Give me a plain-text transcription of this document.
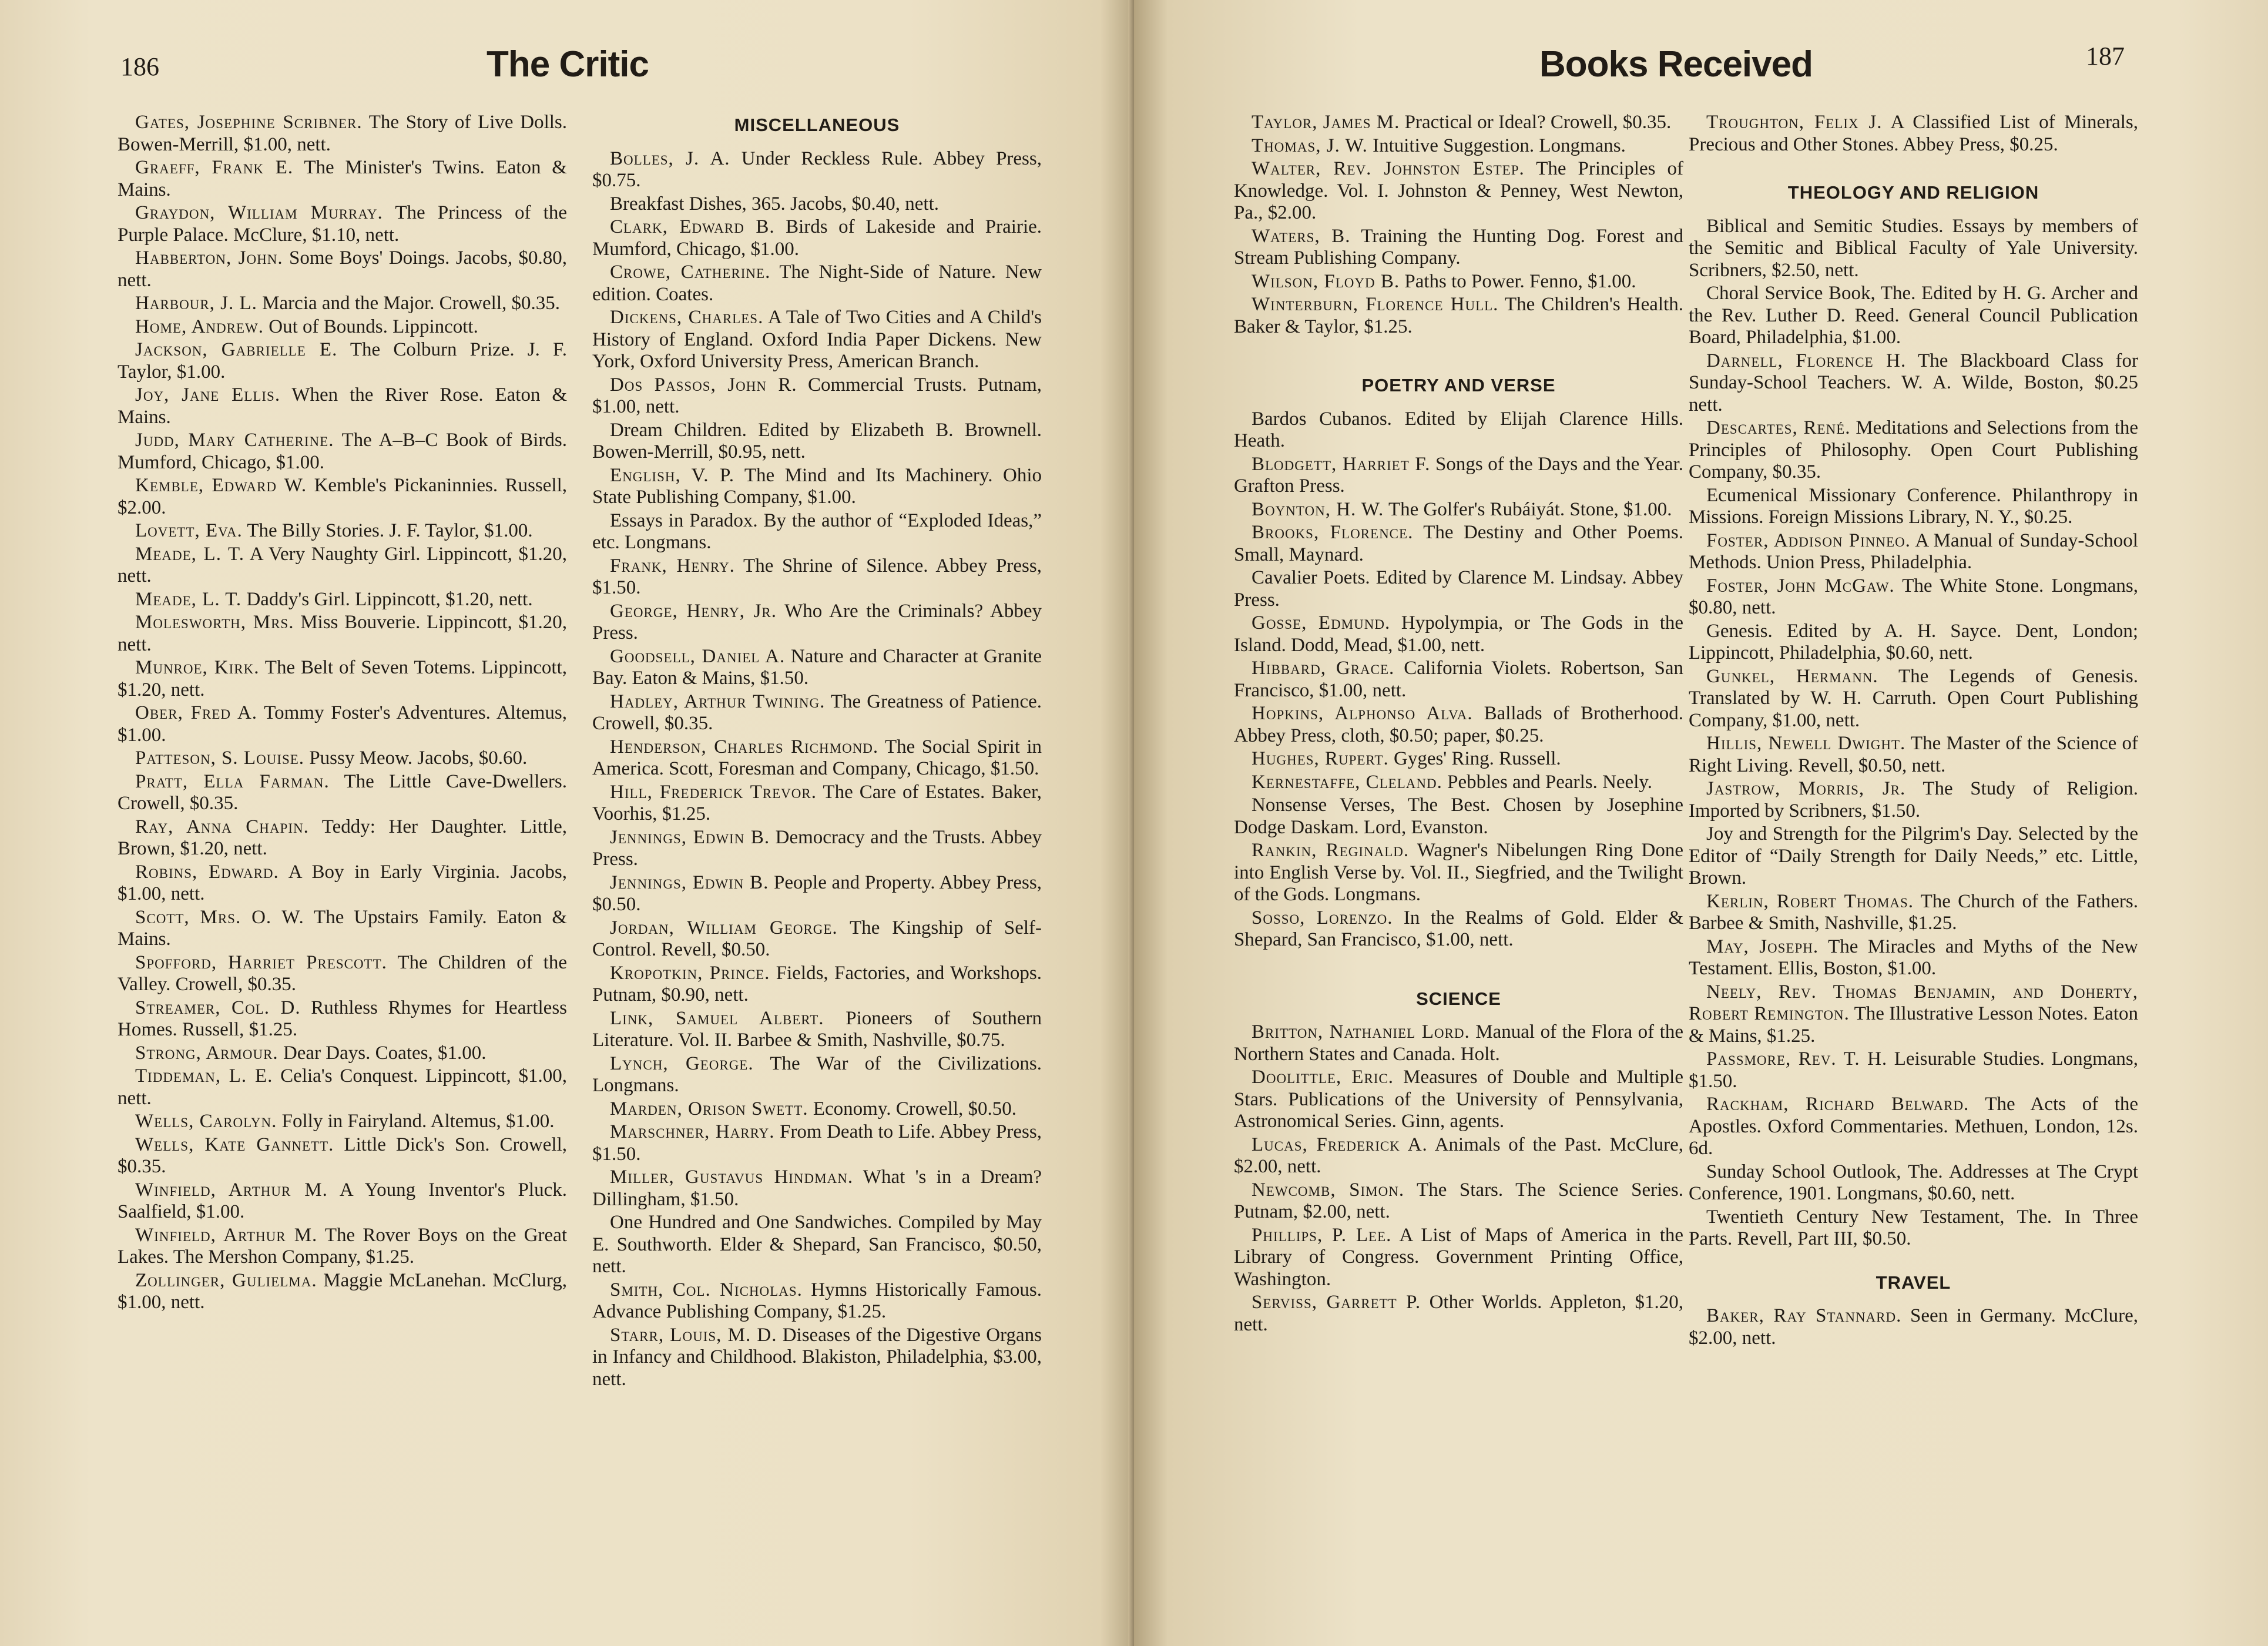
186	The Critic

Gates, Josephine Scribner. The Story of Live Dolls. Bowen-Merrill, $1.00, nett.

Graeff, Frank E. The Minister's Twins. Eaton & Mains.

Graydon, William Murray. The Princess of the Purple Palace. McClure, $1.10, nett.

Habberton, John. Some Boys' Doings. Jacobs, $0.80, nett.

Harbour, J. L. Marcia and the Major. Crowell, $0.35.

Home, Andrew. Out of Bounds. Lippincott.

Jackson, Gabrielle E. The Colburn Prize. J. F. Taylor, $1.00.

Joy, Jane Ellis. When the River Rose. Eaton & Mains.

Judd, Mary Catherine. The A–B–C Book of Birds. Mumford, Chicago, $1.00.

Kemble, Edward W. Kemble's Pickaninnies. Russell, $2.00.

Lovett, Eva. The Billy Stories. J. F. Taylor, $1.00.

Meade, L. T. A Very Naughty Girl. Lippincott, $1.20, nett.

Meade, L. T. Daddy's Girl. Lippincott, $1.20, nett.

Molesworth, Mrs. Miss Bouverie. Lippincott, $1.20, nett.

Munroe, Kirk. The Belt of Seven Totems. Lippincott, $1.20, nett.

Ober, Fred A. Tommy Foster's Adventures. Altemus, $1.00.

Patteson, S. Louise. Pussy Meow. Jacobs, $0.60.

Pratt, Ella Farman. The Little Cave-Dwellers. Crowell, $0.35.

Ray, Anna Chapin. Teddy: Her Daughter. Little, Brown, $1.20, nett.

Robins, Edward. A Boy in Early Virginia. Jacobs, $1.00, nett.

Scott, Mrs. O. W. The Upstairs Family. Eaton & Mains.

Spofford, Harriet Prescott. The Children of the Valley. Crowell, $0.35.

Streamer, Col. D. Ruthless Rhymes for Heartless Homes. Russell, $1.25.

Strong, Armour. Dear Days. Coates, $1.00.

Tiddeman, L. E. Celia's Conquest. Lippincott, $1.00, nett.

Wells, Carolyn. Folly in Fairyland. Altemus, $1.00.

Wells, Kate Gannett. Little Dick's Son. Crowell, $0.35.

Winfield, Arthur M. A Young Inventor's Pluck. Saalfield, $1.00.

Winfield, Arthur M. The Rover Boys on the Great Lakes. The Mershon Company, $1.25.

Zollinger, Gulielma. Maggie McLanehan. McClurg, $1.00, nett.

MISCELLANEOUS

Bolles, J. A. Under Reckless Rule. Abbey Press, $0.75.

Breakfast Dishes, 365. Jacobs, $0.40, nett.

Clark, Edward B. Birds of Lakeside and Prairie. Mumford, Chicago, $1.00.

Crowe, Catherine. The Night-Side of Nature. New edition. Coates.

Dickens, Charles. A Tale of Two Cities and A Child's History of England. Oxford India Paper Dickens. New York, Oxford University Press, American Branch.

Dos Passos, John R. Commercial Trusts. Putnam, $1.00, nett.

Dream Children. Edited by Elizabeth B. Brownell. Bowen-Merrill, $0.95, nett.

English, V. P. The Mind and Its Machinery. Ohio State Publishing Company, $1.00.

Essays in Paradox. By the author of “Exploded Ideas,” etc. Longmans.

Frank, Henry. The Shrine of Silence. Abbey Press, $1.50.

George, Henry, Jr. Who Are the Criminals? Abbey Press.

Goodsell, Daniel A. Nature and Character at Granite Bay. Eaton & Mains, $1.50.

Hadley, Arthur Twining. The Greatness of Patience. Crowell, $0.35.

Henderson, Charles Richmond. The Social Spirit in America. Scott, Foresman and Company, Chicago, $1.50.

Hill, Frederick Trevor. The Care of Estates. Baker, Voorhis, $1.25.

Jennings, Edwin B. Democracy and the Trusts. Abbey Press.

Jennings, Edwin B. People and Property. Abbey Press, $0.50.

Jordan, William George. The Kingship of Self-Control. Revell, $0.50.

Kropotkin, Prince. Fields, Factories, and Workshops. Putnam, $0.90, nett.

Link, Samuel Albert. Pioneers of Southern Literature. Vol. II. Barbee & Smith, Nashville, $0.75.

Lynch, George. The War of the Civilizations. Longmans.

Marden, Orison Swett. Economy. Crowell, $0.50.

Marschner, Harry. From Death to Life. Abbey Press, $1.50.

Miller, Gustavus Hindman. What 's in a Dream? Dillingham, $1.50.

One Hundred and One Sandwiches. Compiled by May E. Southworth. Elder & Shepard, San Francisco, $0.50, nett.

Smith, Col. Nicholas. Hymns Historically Famous. Advance Publishing Company, $1.25.

Starr, Louis, M. D. Diseases of the Digestive Organs in Infancy and Childhood. Blakiston, Philadelphia, $3.00, nett.

Books Received	187

Taylor, James M. Practical or Ideal? Crowell, $0.35.

Thomas, J. W. Intuitive Suggestion. Longmans.

Walter, Rev. Johnston Estep. The Principles of Knowledge. Vol. I. Johnston & Penney, West Newton, Pa., $2.00.

Waters, B. Training the Hunting Dog. Forest and Stream Publishing Company.

Wilson, Floyd B. Paths to Power. Fenno, $1.00.

Winterburn, Florence Hull. The Children's Health. Baker & Taylor, $1.25.

POETRY AND VERSE

Bardos Cubanos. Edited by Elijah Clarence Hills. Heath.

Blodgett, Harriet F. Songs of the Days and the Year. Grafton Press.

Boynton, H. W. The Golfer's Rubáiyát. Stone, $1.00.

Brooks, Florence. The Destiny and Other Poems. Small, Maynard.

Cavalier Poets. Edited by Clarence M. Lindsay. Abbey Press.

Gosse, Edmund. Hypolympia, or The Gods in the Island. Dodd, Mead, $1.00, nett.

Hibbard, Grace. California Violets. Robertson, San Francisco, $1.00, nett.

Hopkins, Alphonso Alva. Ballads of Brotherhood. Abbey Press, cloth, $0.50; paper, $0.25.

Hughes, Rupert. Gyges' Ring. Russell.

Kernestaffe, Cleland. Pebbles and Pearls. Neely.

Nonsense Verses, The Best. Chosen by Josephine Dodge Daskam. Lord, Evanston.

Rankin, Reginald. Wagner's Nibelungen Ring Done into English Verse by. Vol. II., Siegfried, and the Twilight of the Gods. Longmans.

Sosso, Lorenzo. In the Realms of Gold. Elder & Shepard, San Francisco, $1.00, nett.

SCIENCE

Britton, Nathaniel Lord. Manual of the Flora of the Northern States and Canada. Holt.

Doolittle, Eric. Measures of Double and Multiple Stars. Publications of the University of Pennsylvania, Astronomical Series. Ginn, agents.

Lucas, Frederick A. Animals of the Past. McClure, $2.00, nett.

Newcomb, Simon. The Stars. The Science Series. Putnam, $2.00, nett.

Phillips, P. Lee. A List of Maps of America in the Library of Congress. Government Printing Office, Washington.

Serviss, Garrett P. Other Worlds. Appleton, $1.20, nett.

Troughton, Felix J. A Classified List of Minerals, Precious and Other Stones. Abbey Press, $0.25.

THEOLOGY AND RELIGION

Biblical and Semitic Studies. Essays by members of the Semitic and Biblical Faculty of Yale University. Scribners, $2.50, nett.

Choral Service Book, The. Edited by H. G. Archer and the Rev. Luther D. Reed. General Council Publication Board, Philadelphia, $1.00.

Darnell, Florence H. The Blackboard Class for Sunday-School Teachers. W. A. Wilde, Boston, $0.25 nett.

Descartes, René. Meditations and Selections from the Principles of Philosophy. Open Court Publishing Company, $0.35.

Ecumenical Missionary Conference. Philanthropy in Missions. Foreign Missions Library, N. Y., $0.25.

Foster, Addison Pinneo. A Manual of Sunday-School Methods. Union Press, Philadelphia.

Foster, John McGaw. The White Stone. Longmans, $0.80, nett.

Genesis. Edited by A. H. Sayce. Dent, London; Lippincott, Philadelphia, $0.60, nett.

Gunkel, Hermann. The Legends of Genesis. Translated by W. H. Carruth. Open Court Publishing Company, $1.00, nett.

Hillis, Newell Dwight. The Master of the Science of Right Living. Revell, $0.50, nett.

Jastrow, Morris, Jr. The Study of Religion. Imported by Scribners, $1.50.

Joy and Strength for the Pilgrim's Day. Selected by the Editor of “Daily Strength for Daily Needs,” etc. Little, Brown.

Kerlin, Robert Thomas. The Church of the Fathers. Barbee & Smith, Nashville, $1.25.

May, Joseph. The Miracles and Myths of the New Testament. Ellis, Boston, $1.00.

Neely, Rev. Thomas Benjamin, and Doherty, Robert Remington. The Illustrative Lesson Notes. Eaton & Mains, $1.25.

Passmore, Rev. T. H. Leisurable Studies. Longmans, $1.50.

Rackham, Richard Belward. The Acts of the Apostles. Oxford Commentaries. Methuen, London, 12s. 6d.

Sunday School Outlook, The. Addresses at The Crypt Conference, 1901. Longmans, $0.60, nett.

Twentieth Century New Testament, The. In Three Parts. Revell, Part III, $0.50.

TRAVEL

Baker, Ray Stannard. Seen in Germany. McClure, $2.00, nett.
